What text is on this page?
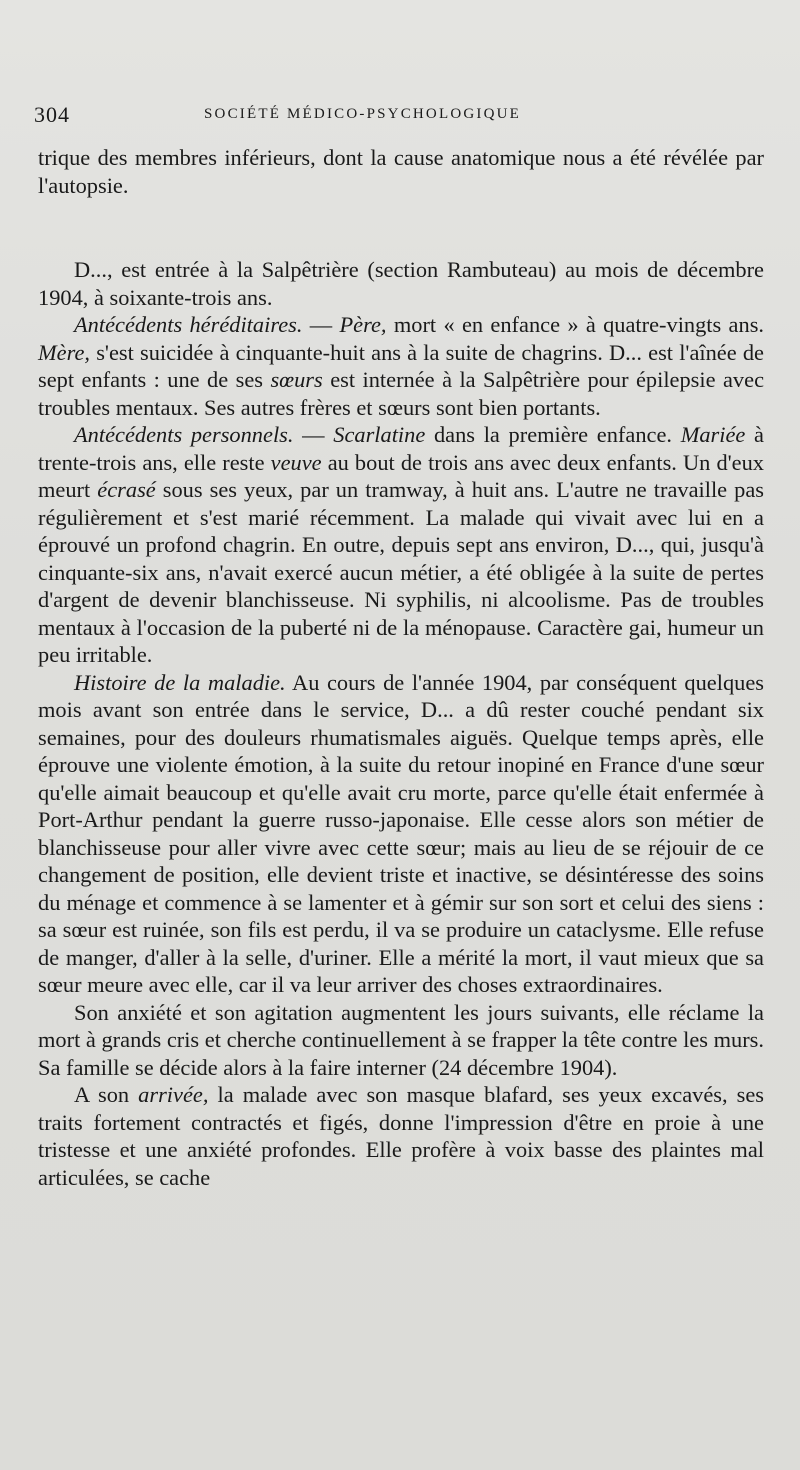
304	SOCIÉTÉ MÉDICO-PSYCHOLOGIQUE

trique des membres inférieurs, dont la cause anatomique nous a été révélée par l'autopsie.

D..., est entrée à la Salpêtrière (section Rambuteau) au mois de décembre 1904, à soixante-trois ans.

Antécédents héréditaires. — Père, mort « en enfance » à quatre-vingts ans. Mère, s'est suicidée à cinquante-huit ans à la suite de chagrins. D... est l'aînée de sept enfants : une de ses sœurs est internée à la Salpêtrière pour épilepsie avec troubles mentaux. Ses autres frères et sœurs sont bien portants.

Antécédents personnels. — Scarlatine dans la première enfance. Mariée à trente-trois ans, elle reste veuve au bout de trois ans avec deux enfants. Un d'eux meurt écrasé sous ses yeux, par un tramway, à huit ans. L'autre ne travaille pas régulièrement et s'est marié récemment. La malade qui vivait avec lui en a éprouvé un profond chagrin. En outre, depuis sept ans environ, D..., qui, jusqu'à cinquante-six ans, n'avait exercé aucun métier, a été obligée à la suite de pertes d'argent de devenir blanchisseuse. Ni syphilis, ni alcoolisme. Pas de troubles mentaux à l'occasion de la puberté ni de la ménopause. Caractère gai, humeur un peu irritable.

Histoire de la maladie. Au cours de l'année 1904, par conséquent quelques mois avant son entrée dans le service, D... a dû rester couché pendant six semaines, pour des douleurs rhumatismales aiguës. Quelque temps après, elle éprouve une violente émotion, à la suite du retour inopiné en France d'une sœur qu'elle aimait beaucoup et qu'elle avait cru morte, parce qu'elle était enfermée à Port-Arthur pendant la guerre russo-japonaise. Elle cesse alors son métier de blanchisseuse pour aller vivre avec cette sœur; mais au lieu de se réjouir de ce changement de position, elle devient triste et inactive, se désintéresse des soins du ménage et commence à se lamenter et à gémir sur son sort et celui des siens : sa sœur est ruinée, son fils est perdu, il va se produire un cataclysme. Elle refuse de manger, d'aller à la selle, d'uriner. Elle a mérité la mort, il vaut mieux que sa sœur meure avec elle, car il va leur arriver des choses extraordinaires.

Son anxiété et son agitation augmentent les jours suivants, elle réclame la mort à grands cris et cherche continuellement à se frapper la tête contre les murs. Sa famille se décide alors à la faire interner (24 décembre 1904).

A son arrivée, la malade avec son masque blafard, ses yeux excavés, ses traits fortement contractés et figés, donne l'impression d'être en proie à une tristesse et une anxiété profondes. Elle profère à voix basse des plaintes mal articulées, se cache
